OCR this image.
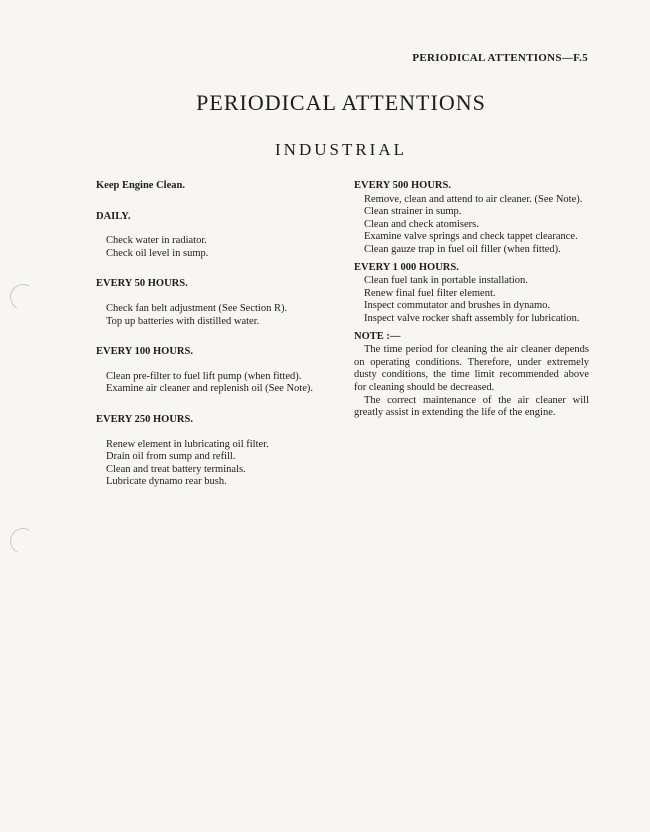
PERIODICAL ATTENTIONS—F.5
PERIODICAL ATTENTIONS
INDUSTRIAL
Keep Engine Clean.
DAILY.
Check water in radiator.
Check oil level in sump.
EVERY 50 HOURS.
Check fan belt adjustment (See Section R).
Top up batteries with distilled water.
EVERY 100 HOURS.
Clean pre-filter to fuel lift pump (when fitted).
Examine air cleaner and replenish oil (See Note).
EVERY 250 HOURS.
Renew element in lubricating oil filter.
Drain oil from sump and refill.
Clean and treat battery terminals.
Lubricate dynamo rear bush.
EVERY 500 HOURS.
Remove, clean and attend to air cleaner. (See Note).
Clean strainer in sump.
Clean and check atomisers.
Examine valve springs and check tappet clearance.
Clean gauze trap in fuel oil filler (when fitted).
EVERY 1 000 HOURS.
Clean fuel tank in portable installation.
Renew final fuel filter element.
Inspect commutator and brushes in dynamo.
Inspect valve rocker shaft assembly for lubrication.
NOTE :—
The time period for cleaning the air cleaner depends on operating conditions. Therefore, under extremely dusty conditions, the time limit recommended above for cleaning should be decreased.
The correct maintenance of the air cleaner will greatly assist in extending the life of the engine.
